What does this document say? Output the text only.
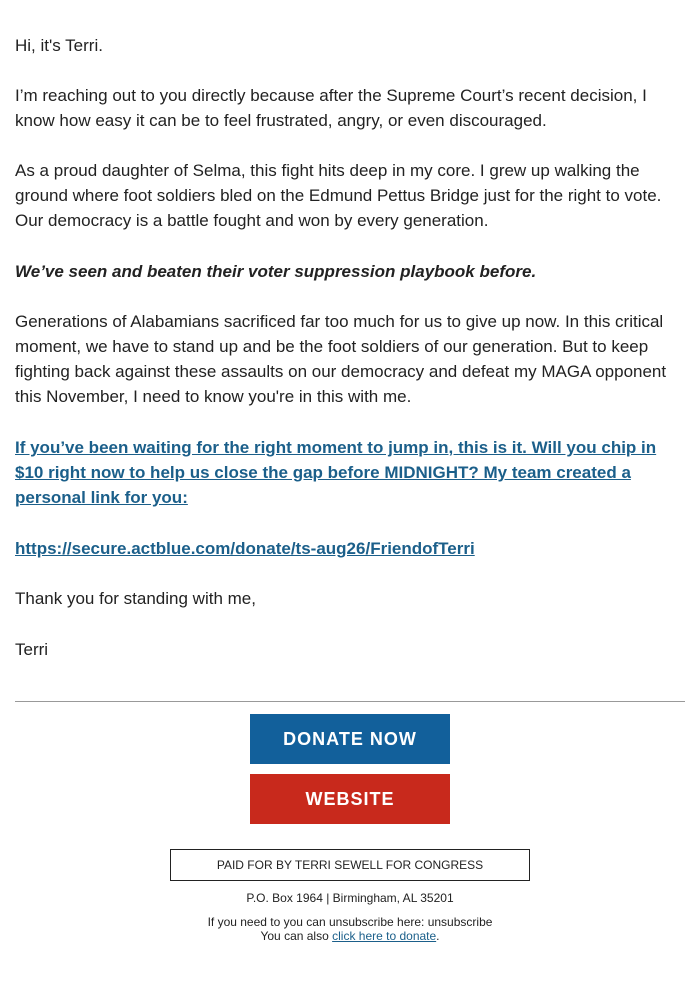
Hi, it's Terri.

I’m reaching out to you directly because after the Supreme Court’s recent decision, I know how easy it can be to feel frustrated, angry, or even discouraged.

As a proud daughter of Selma, this fight hits deep in my core. I grew up walking the ground where foot soldiers bled on the Edmund Pettus Bridge just for the right to vote. Our democracy is a battle fought and won by every generation.

We’ve seen and beaten their voter suppression playbook before.

Generations of Alabamians sacrificed far too much for us to give up now. In this critical moment, we have to stand up and be the foot soldiers of our generation. But to keep fighting back against these assaults on our democracy and defeat my MAGA opponent this November, I need to know you're in this with me.

If you’ve been waiting for the right moment to jump in, this is it. Will you chip in $10 right now to help us close the gap before MIDNIGHT? My team created a personal link for you:

https://secure.actblue.com/donate/ts-aug26/FriendofTerri

Thank you for standing with me,

Terri

DONATE NOW
WEBSITE
PAID FOR BY TERRI SEWELL FOR CONGRESS
P.O. Box 1964 | Birmingham, AL 35201
If you need to you can unsubscribe here: unsubscribe
You can also click here to donate.
